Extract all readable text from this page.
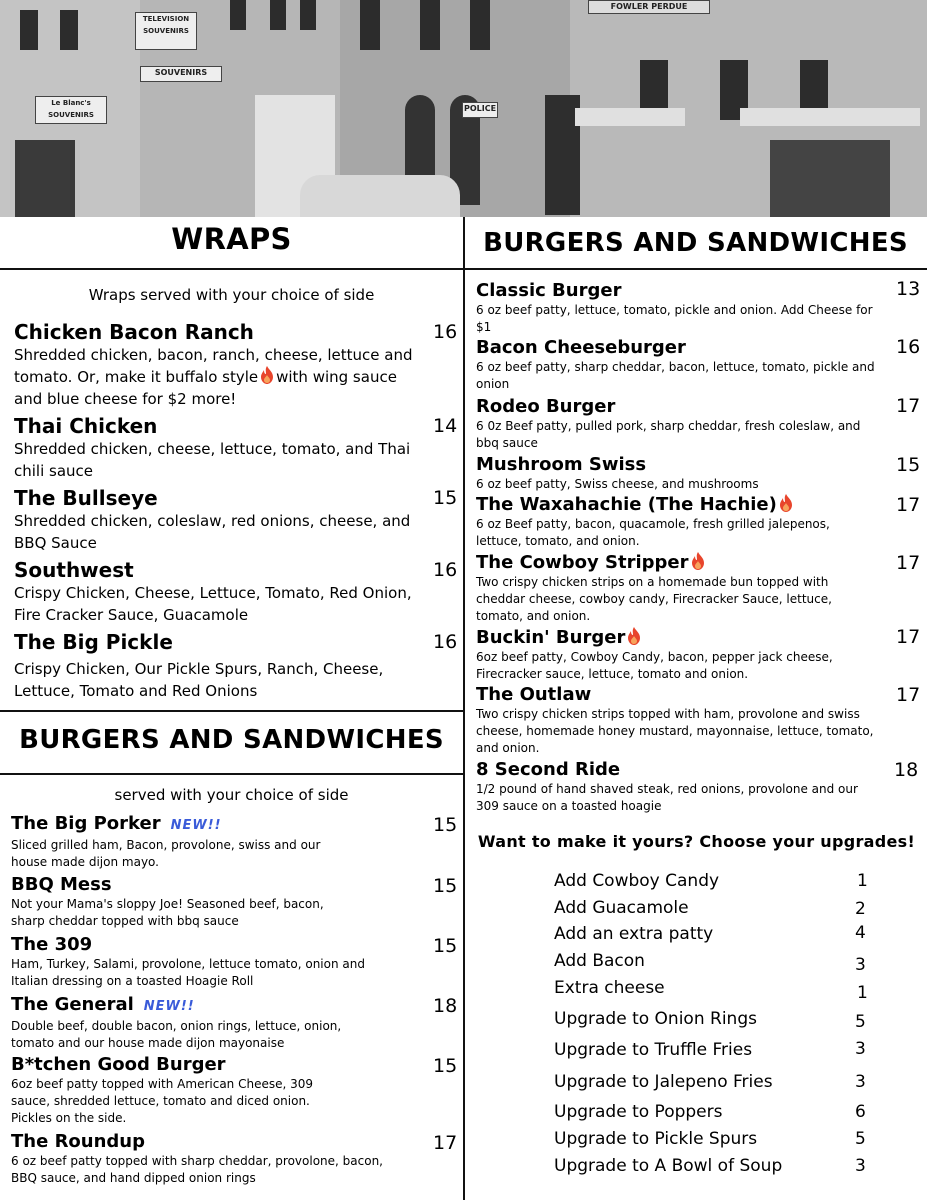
TELEVISION SOUVENIRS
SOUVENIRS
Le Blanc's SOUVENIRS
POLICE
FOWLER PERDUE
WRAPS
Wraps served with your choice of side
Chicken Bacon Ranch
Shredded chicken, bacon, ranch, cheese, lettuce and tomato. Or, make it buffalo style with wing sauce and blue cheese for $2 more!
16
Thai Chicken
Shredded chicken, cheese, lettuce, tomato, and Thai chili sauce
14
The Bullseye
Shredded chicken, coleslaw, red onions, cheese, and BBQ Sauce
15
Southwest
Crispy Chicken, Cheese, Lettuce, Tomato, Red Onion, Fire Cracker Sauce, Guacamole
16
The Big Pickle
Crispy Chicken, Our Pickle Spurs, Ranch, Cheese, Lettuce, Tomato and Red Onions
16
BURGERS AND SANDWICHES
served with your choice of side
The Big Porker NEW!!
Sliced grilled ham, Bacon, provolone, swiss and our house made dijon mayo.
15
BBQ Mess
Not your Mama's sloppy Joe! Seasoned beef, bacon, sharp cheddar topped with bbq sauce
15
The 309
Ham, Turkey, Salami, provolone, lettuce tomato, onion and Italian dressing on a toasted Hoagie Roll
15
The General NEW!!
Double beef, double bacon, onion rings, lettuce, onion, tomato and our house made dijon mayonaise
18
B*tchen Good Burger
6oz beef patty topped with American Cheese, 309 sauce, shredded lettuce, tomato and diced onion. Pickles on the side.
15
The Roundup
6 oz beef patty topped with sharp cheddar, provolone, bacon, BBQ sauce, and hand dipped onion rings
17
BURGERS AND SANDWICHES
Classic Burger
6 oz beef patty, lettuce, tomato, pickle and onion. Add Cheese for $1
13
Bacon Cheeseburger
6 oz beef patty, sharp cheddar, bacon, lettuce, tomato, pickle and onion
16
Rodeo Burger
6 0z Beef patty, pulled pork, sharp cheddar, fresh coleslaw, and bbq sauce
17
Mushroom Swiss
6 oz beef patty, Swiss cheese, and mushrooms
15
The Waxahachie (The Hachie)
6 oz Beef patty, bacon, quacamole, fresh grilled jalepenos, lettuce, tomato, and onion.
17
The Cowboy Stripper
Two crispy chicken strips on a homemade bun topped with cheddar cheese, cowboy candy, Firecracker Sauce, lettuce, tomato, and onion.
17
Buckin' Burger
6oz beef patty, Cowboy Candy, bacon, pepper jack cheese, Firecracker sauce, lettuce, tomato and onion.
17
The Outlaw
Two crispy chicken strips topped with ham, provolone and swiss cheese, homemade honey mustard, mayonnaise, lettuce, tomato, and onion.
17
8 Second Ride
1/2 pound of hand shaved steak, red onions, provolone and our 309 sauce on a toasted hoagie
18
Want to make it yours? Choose your upgrades!
Add Cowboy Candy	1
Add Guacamole	2
Add an extra patty	4
Add Bacon	3
Extra cheese	1
Upgrade to Onion Rings	5
Upgrade to Truffle Fries	3
Upgrade to Jalepeno Fries	3
Upgrade to Poppers	6
Upgrade to Pickle Spurs	5
Upgrade to A Bowl of Soup	3
